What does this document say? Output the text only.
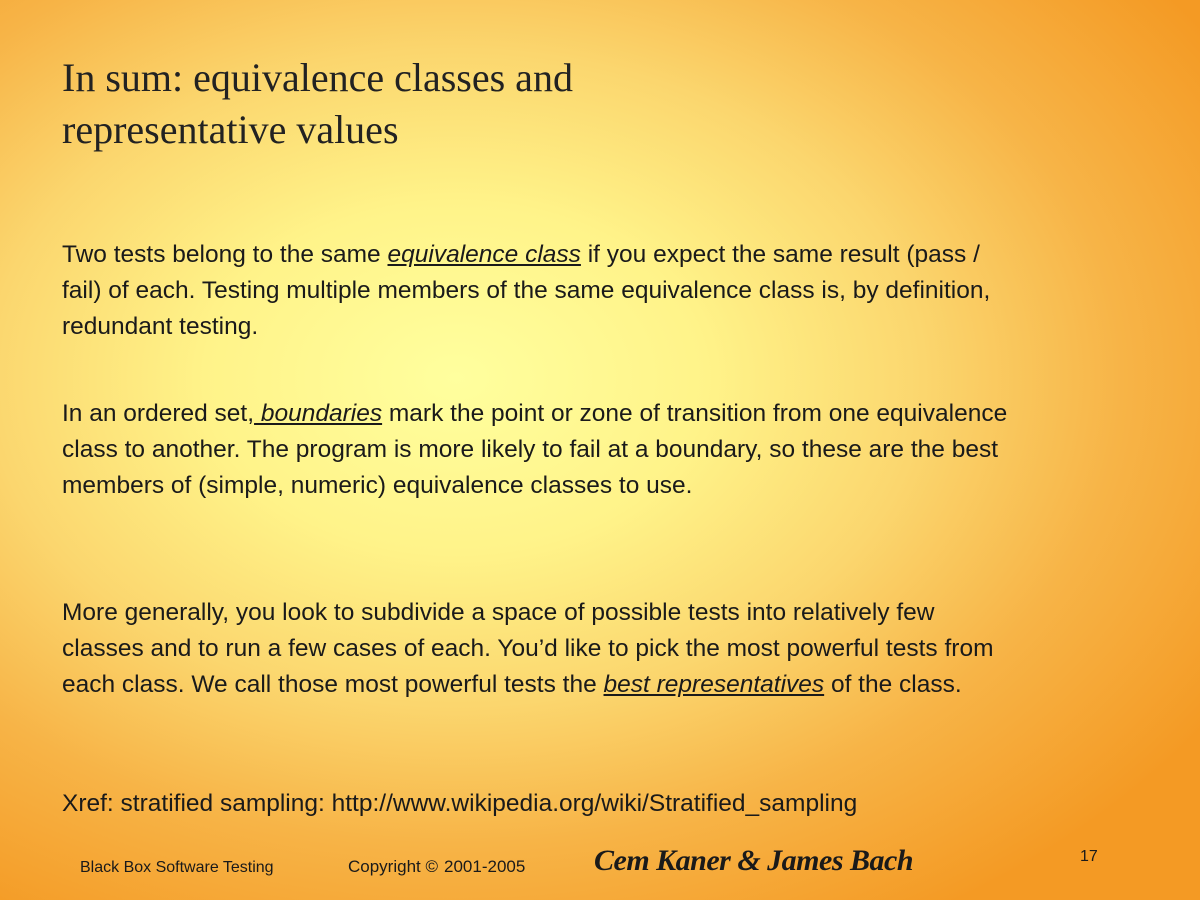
In sum: equivalence classes and
representative values
Two tests belong to the same equivalence class if you expect the same result (pass / fail) of each. Testing multiple members of the same equivalence class is, by definition, redundant testing.
In an ordered set, boundaries mark the point or zone of transition from one equivalence class to another. The program is more likely to fail at a boundary, so these are the best members of (simple, numeric) equivalence classes to use.
More generally, you look to subdivide a space of possible tests into relatively few classes and to run a few cases of each. You’d like to pick the most powerful tests from each class. We call those most powerful tests the best representatives of the class.
Xref: stratified sampling: http://www.wikipedia.org/wiki/Stratified_sampling
Black Box Software Testing	Copyright © 2001-2005 Cem Kaner & James Bach	17
